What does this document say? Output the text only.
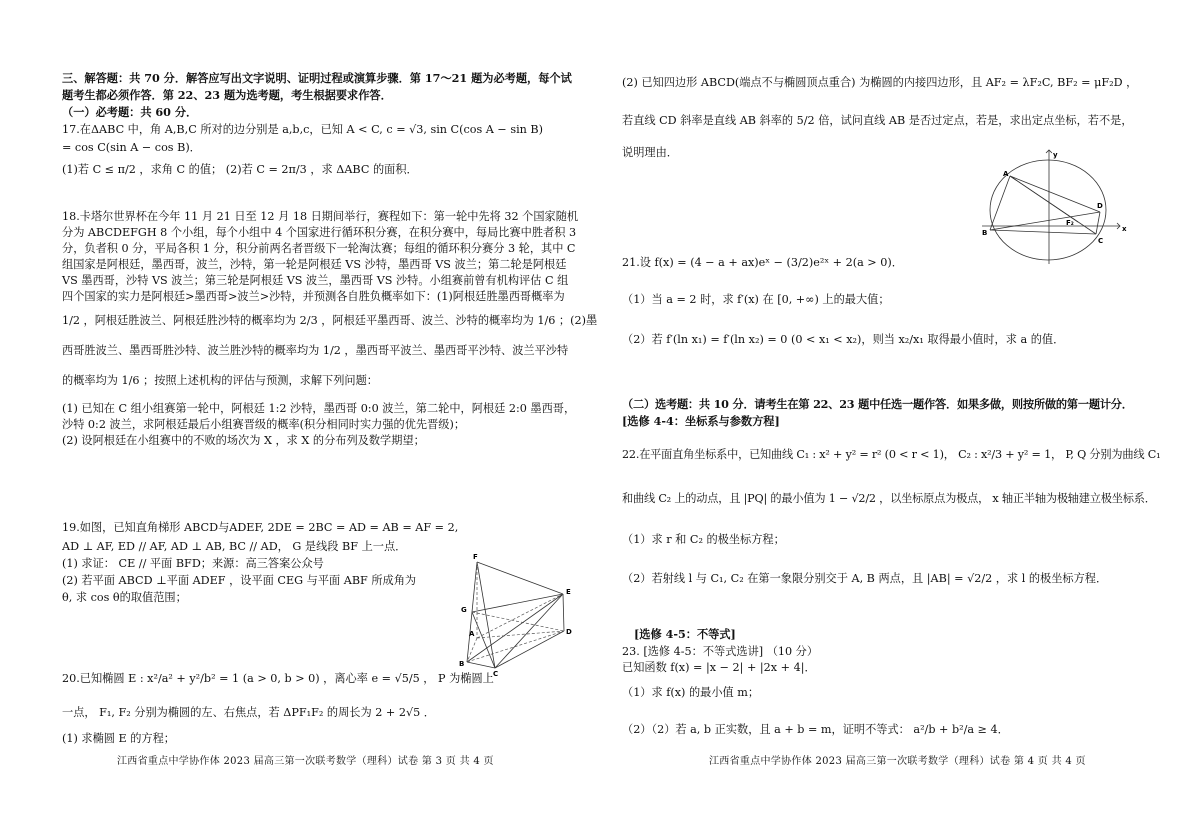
三、解答题：共 70 分．解答应写出文字说明、证明过程或演算步骤．第 17～21 题为必考题，每个试
题考生都必须作答．第 22、23 题为选考题，考生根据要求作答．
（一）必考题：共 60 分．
17.在ΔABC 中，角 A,B,C 所对的边分别是 a,b,c，已知 A < C, c = √3, sin C(cos A − sin B)
= cos C(sin A − cos B)．
(1)若 C ≤ π/2 ，求角 C 的值； (2)若 C = 2π/3 ，求 ΔABC 的面积．
18.卡塔尔世界杯在今年 11 月 21 日至 12 月 18 日期间举行，赛程如下：第一轮中先将 32 个国家随机
分为 ABCDEFGH 8 个小组，每个小组中 4 个国家进行循环积分赛，在积分赛中，每局比赛中胜者积 3
分，负者积 0 分，平局各积 1 分，积分前两名者晋级下一轮淘汰赛；每组的循环积分赛分 3 轮，其中 C
组国家是阿根廷，墨西哥，波兰，沙特，第一轮是阿根廷 VS 沙特，墨西哥 VS 波兰；第二轮是阿根廷
VS 墨西哥，沙特 VS 波兰；第三轮是阿根廷 VS 波兰，墨西哥 VS 沙特。小组赛前曾有机构评估 C 组
四个国家的实力是阿根廷>墨西哥>波兰>沙特，并预测各自胜负概率如下：(1)阿根廷胜墨西哥概率为
1/2 ，阿根廷胜波兰、阿根廷胜沙特的概率均为 2/3 ，阿根廷平墨西哥、波兰、沙特的概率均为 1/6 ；(2)墨
西哥胜波兰、墨西哥胜沙特、波兰胜沙特的概率均为 1/2 ，墨西哥平波兰、墨西哥平沙特、波兰平沙特
的概率均为 1/6 ；按照上述机构的评估与预测，求解下列问题：
(1) 已知在 C 组小组赛第一轮中，阿根廷 1:2 沙特，墨西哥 0:0 波兰，第二轮中，阿根廷 2:0 墨西哥，
沙特 0:2 波兰，求阿根廷最后小组赛晋级的概率(积分相同时实力强的优先晋级)；
(2) 设阿根廷在小组赛中的不败的场次为 X ，求 X 的分布列及数学期望；
19.如图，已知直角梯形 ABCD与ADEF, 2DE = 2BC = AD = AB = AF = 2,
AD ⊥ AF, ED // AF, AD ⊥ AB, BC // AD， G 是线段 BF 上一点．
(1) 求证： CE // 平面 BFD；来源：高三答案公众号
(2) 若平面 ABCD ⊥平面 ADEF ，设平面 CEG 与平面 ABF 所成角为
θ, 求 cos θ的取值范围；
20.已知椭圆 E : x²/a² + y²/b² = 1 (a > 0, b > 0) ，离心率 e = √5/5 ， P 为椭圆上
一点， F₁, F₂ 分别为椭圆的左、右焦点，若 ΔPF₁F₂ 的周长为 2 + 2√5 ．
(1) 求椭圆 E 的方程；
江西省重点中学协作体 2023 届高三第一次联考数学（理科）试卷 第 3 页 共 4 页
F
G
E
A	D
B
C
(2) 已知四边形 ABCD(端点不与椭圆顶点重合) 为椭圆的内接四边形，且 AF₂ = λF₂C, BF₂ = μF₂D ，
若直线 CD 斜率是直线 AB 斜率的 5/2 倍，试问直线 AB 是否过定点，若是，求出定点坐标，若不是，
说明理由．
21.设 f(x) = (4 − a + ax)eˣ − (3/2)e²ˣ + 2(a > 0)．
（1）当 a = 2 时，求 f′(x) 在 [0, +∞) 上的最大值；
（2）若 f′(ln x₁) = f′(ln x₂) = 0 (0 < x₁ < x₂)，则当 x₂/x₁ 取得最小值时，求 a 的值．
（二）选考题：共 10 分．请考生在第 22、23 题中任选一题作答．如果多做，则按所做的第一题计分．
[选修 4-4：坐标系与参数方程]
22.在平面直角坐标系中，已知曲线 C₁ : x² + y² = r² (0 < r < 1)， C₂ : x²/3 + y² = 1， P, Q 分别为曲线 C₁
和曲线 C₂ 上的动点，且 |PQ| 的最小值为 1 − √2/2 ，以坐标原点为极点， x 轴正半轴为极轴建立极坐标系．
（1）求 r 和 C₂ 的极坐标方程；
（2）若射线 l 与 C₁, C₂ 在第一象限分别交于 A, B 两点，且 |AB| = √2/2 ，求 l 的极坐标方程．
[选修 4-5：不等式]
23. [选修 4-5：不等式选讲] （10 分）
已知函数 f(x) = |x − 2| + |2x + 4|．
（1）求 f(x) 的最小值 m；
（2）（2）若 a, b 正实数，且 a + b = m，证明不等式： a²/b + b²/a ≥ 4．
江西省重点中学协作体 2023 届高三第一次联考数学（理科）试卷 第 4 页 共 4 页
y
A
D
F₂
B
C
x
